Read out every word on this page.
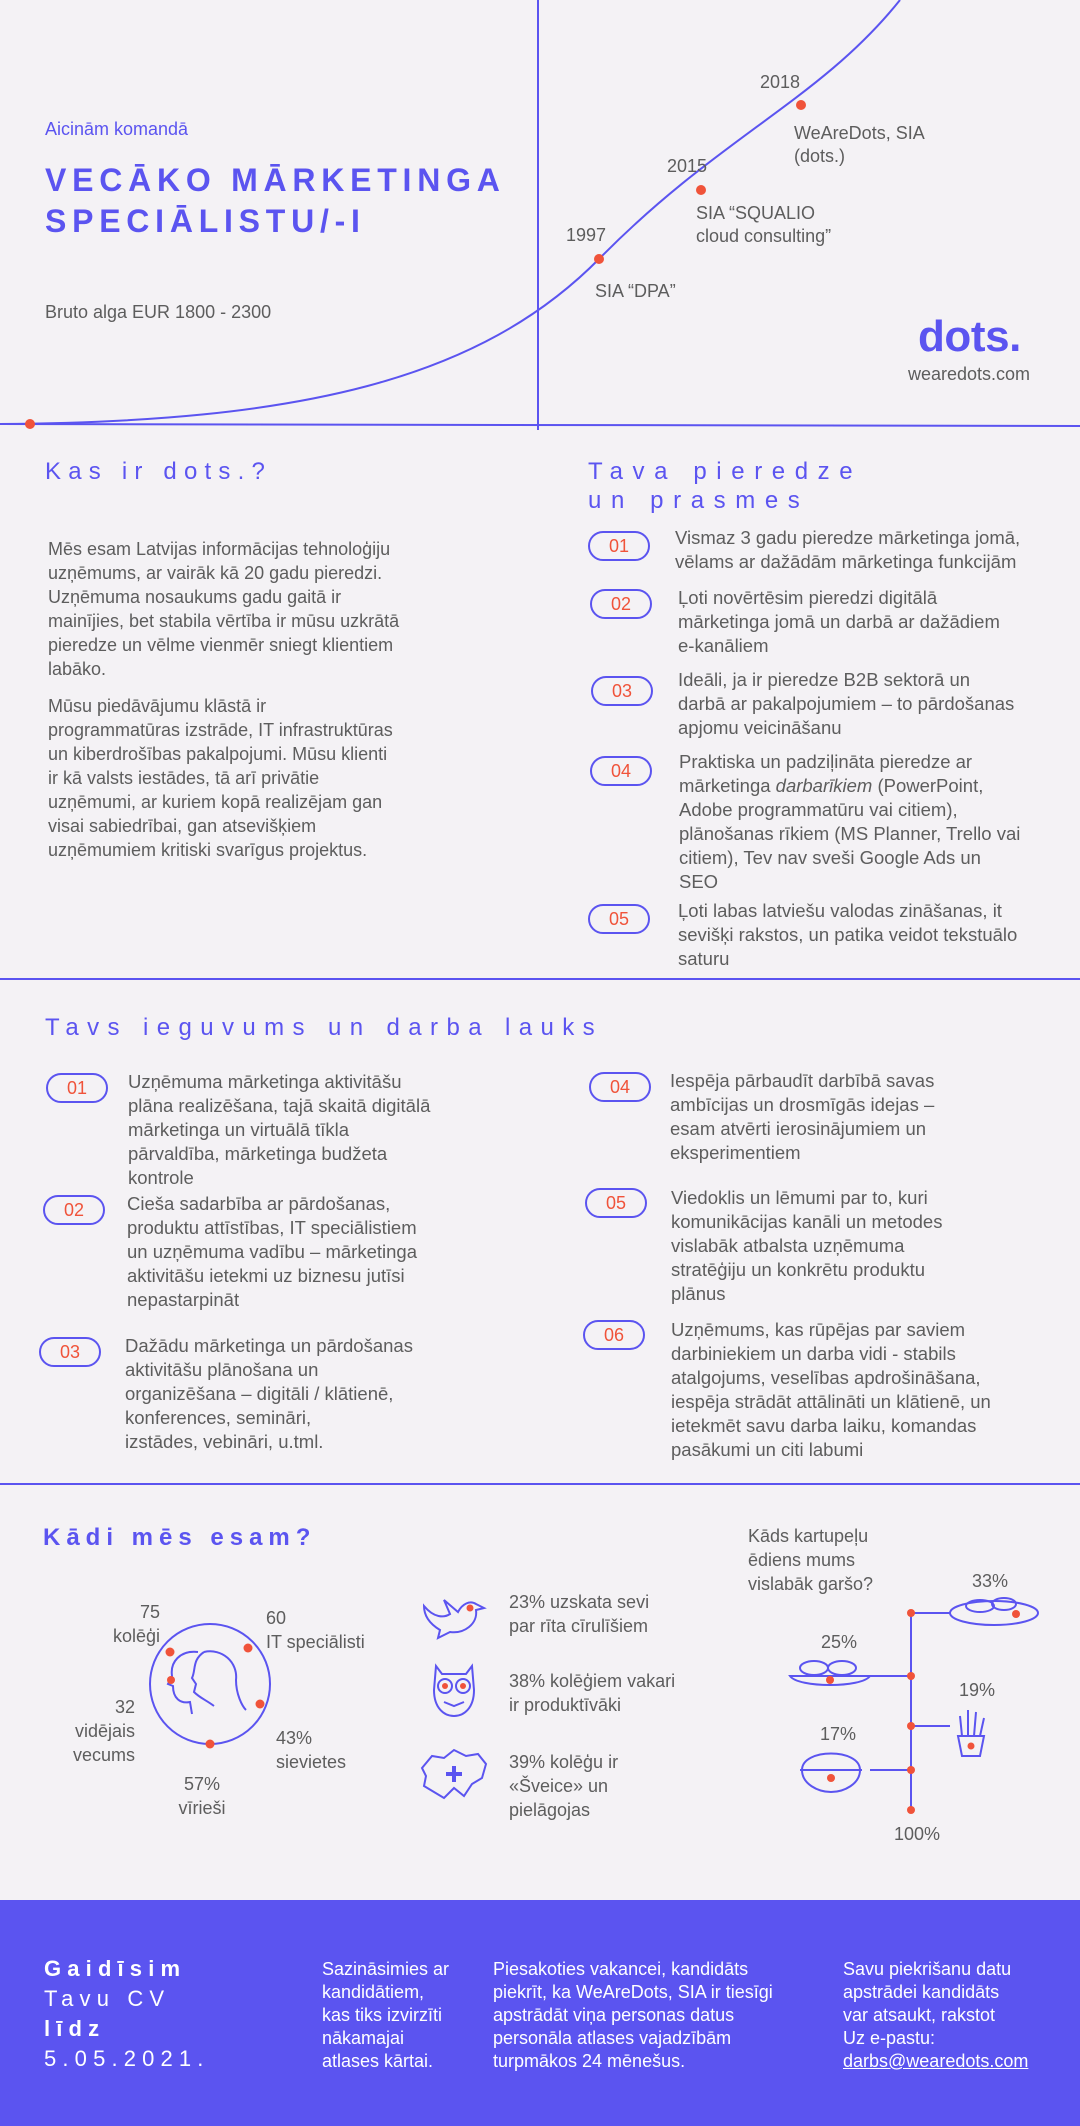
Aicinām komandā
VECĀKO MĀRKETINGA
SPECIĀLISTU/-I
Bruto alga EUR 1800 - 2300
1997
SIA “DPA”
2015
SIA “SQUALIO
cloud consulting”
2018
WeAreDots, SIA
(dots.)
dots.
wearedots.com
Kas ir dots.?
Mēs esam Latvijas informācijas tehnoloģiju
uzņēmums, ar vairāk kā 20 gadu pieredzi.
Uzņēmuma nosaukums gadu gaitā ir
mainījies, bet stabila vērtība ir mūsu uzkrātā
pieredze un vēlme vienmēr sniegt klientiem
labāko.
Mūsu piedāvājumu klāstā ir
programmatūras izstrāde, IT infrastruktūras
un kiberdrošības pakalpojumi. Mūsu klienti
ir kā valsts iestādes, tā arī privātie
uzņēmumi, ar kuriem kopā realizējam gan
visai sabiedrībai, gan atsevišķiem
uzņēmumiem kritiski svarīgus projektus.
Tava pieredze
un prasmes
01	Vismaz 3 gadu pieredze mārketinga jomā,
vēlams ar dažādām mārketinga funkcijām
02	Ļoti novērtēsim pieredzi digitālā
mārketinga jomā un darbā ar dažādiem
e-kanāliem
03
Ideāli, ja ir pieredze B2B sektorā un
darbā ar pakalpojumiem – to pārdošanas
apjomu veicināšanu
04	Praktiska un padziļināta pieredze ar
mārketinga darbarīkiem (PowerPoint,
Adobe programmatūru vai citiem),
plānošanas rīkiem (MS Planner, Trello vai
citiem), Tev nav sveši Google Ads un
SEO
05	Ļoti labas latviešu valodas zināšanas, it
sevišķi rakstos, un patika veidot tekstuālo
saturu
Tavs ieguvums un darba lauks
01	Uzņēmuma mārketinga aktivitāšu
plāna realizēšana, tajā skaitā digitālā
mārketinga un virtuālā tīkla
pārvaldība, mārketinga budžeta
kontrole
02	Cieša sadarbība ar pārdošanas,
produktu attīstības, IT speciālistiem
un uzņēmuma vadību – mārketinga
aktivitāšu ietekmi uz biznesu jutīsi
nepastarpināt
03	Dažādu mārketinga un pārdošanas
aktivitāšu plānošana un
organizēšana – digitāli / klātienē,
konferences, semināri,
izstādes, vebināri, u.tml.
04	Iespēja pārbaudīt darbībā savas
ambīcijas un drosmīgās idejas –
esam atvērti ierosinājumiem un
eksperimentiem
05	Viedoklis un lēmumi par to, kuri
komunikācijas kanāli un metodes
vislabāk atbalsta uzņēmuma
stratēģiju un konkrētu produktu
plānus
06	Uzņēmums, kas rūpējas par saviem
darbiniekiem un darba vidi - stabils
atalgojums, veselības apdrošināšana,
iespēja strādāt attālināti un klātienē, un
ietekmēt savu darba laiku, komandas
pasākumi un citi labumi
Kādi mēs esam?
75
kolēģi
60
IT speciālisti
32
vidējais
vecums
43%
sievietes
57%
vīrieši
23% uzskata sevi
par rīta cīrulīšiem
38% kolēģiem vakari
ir produktīvāki
39% kolēģu ir
«Šveice» un
pielāgojas
Kāds kartupeļu
ēdiens mums
vislabāk garšo?	33%
25%
19%
17%
100%
Gaidīsim
Tavu CV
līdz
5.05.2021.
Sazināsimies ar
kandidātiem,
kas tiks izvirzīti
nākamajai
atlases kārtai.
Piesakoties vakancei, kandidāts
piekrīt, ka WeAreDots, SIA ir tiesīgi
apstrādāt viņa personas datus
personāla atlases vajadzībām
turpmākos 24 mēnešus.
Savu piekrišanu datu
apstrādei kandidāts
var atsaukt, rakstot
Uz e-pastu:
darbs@wearedots.com
